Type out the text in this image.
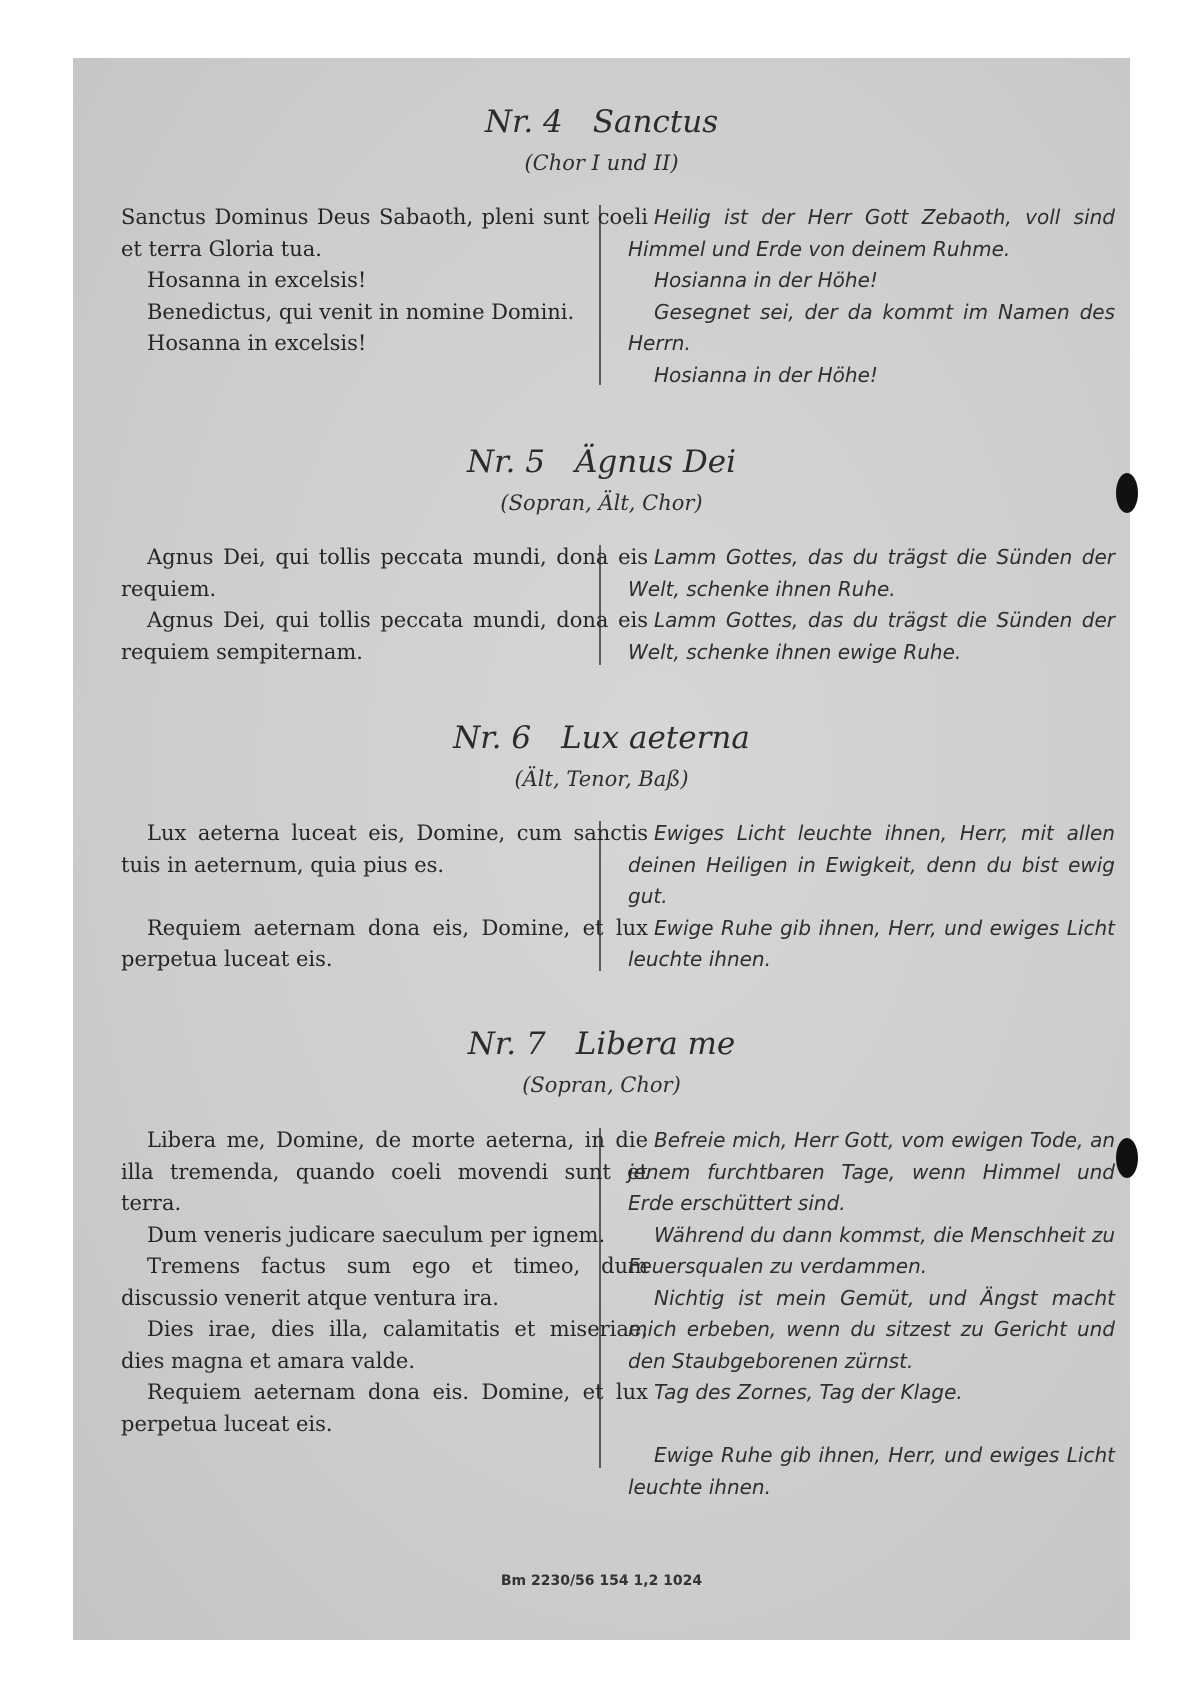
Nr. 4 Sanctus
(Chor I und II)
Sanctus Dominus Deus Sabaoth, pleni sunt coeli et terra Gloria tua.
Hosanna in excelsis!
Benedictus, qui venit in nomine Domini.
Hosanna in excelsis!
Heilig ist der Herr Gott Zebaoth, voll sind Himmel und Erde von deinem Ruhme.
Hosianna in der Höhe!
Gesegnet sei, der da kommt im Namen des Herrn.
Hosianna in der Höhe!
Nr. 5 Ägnus Dei
(Sopran, Ält, Chor)
Agnus Dei, qui tollis peccata mundi, dona eis requiem.
Agnus Dei, qui tollis peccata mundi, dona eis requiem sempiternam.
Lamm Gottes, das du trägst die Sünden der Welt, schenke ihnen Ruhe.
Lamm Gottes, das du trägst die Sünden der Welt, schenke ihnen ewige Ruhe.
Nr. 6 Lux aeterna
(Ält, Tenor, Baß)
Lux aeterna luceat eis, Domine, cum sanctis tuis in aeternum, quia pius es.
Requiem aeternam dona eis, Domine, et lux perpetua luceat eis.
Ewiges Licht leuchte ihnen, Herr, mit allen deinen Heiligen in Ewigkeit, denn du bist ewig gut.
Ewige Ruhe gib ihnen, Herr, und ewiges Licht leuchte ihnen.
Nr. 7 Libera me
(Sopran, Chor)
Libera me, Domine, de morte aeterna, in die illa tremenda, quando coeli movendi sunt et terra.
Dum veneris judicare saeculum per ignem.
Tremens factus sum ego et timeo, dum discussio venerit atque ventura ira.
Dies irae, dies illa, calamitatis et miseriae, dies magna et amara valde.
Requiem aeternam dona eis. Domine, et lux perpetua luceat eis.
Befreie mich, Herr Gott, vom ewigen Tode, an jenem furchtbaren Tage, wenn Himmel und Erde erschüttert sind.
Während du dann kommst, die Menschheit zu Feuersqualen zu verdammen.
Nichtig ist mein Gemüt, und Ängst macht mich erbeben, wenn du sitzest zu Gericht und den Staubgeborenen zürnst.
Tag des Zornes, Tag der Klage.
Ewige Ruhe gib ihnen, Herr, und ewiges Licht leuchte ihnen.
Bm 2230/56 154 1,2 1024
